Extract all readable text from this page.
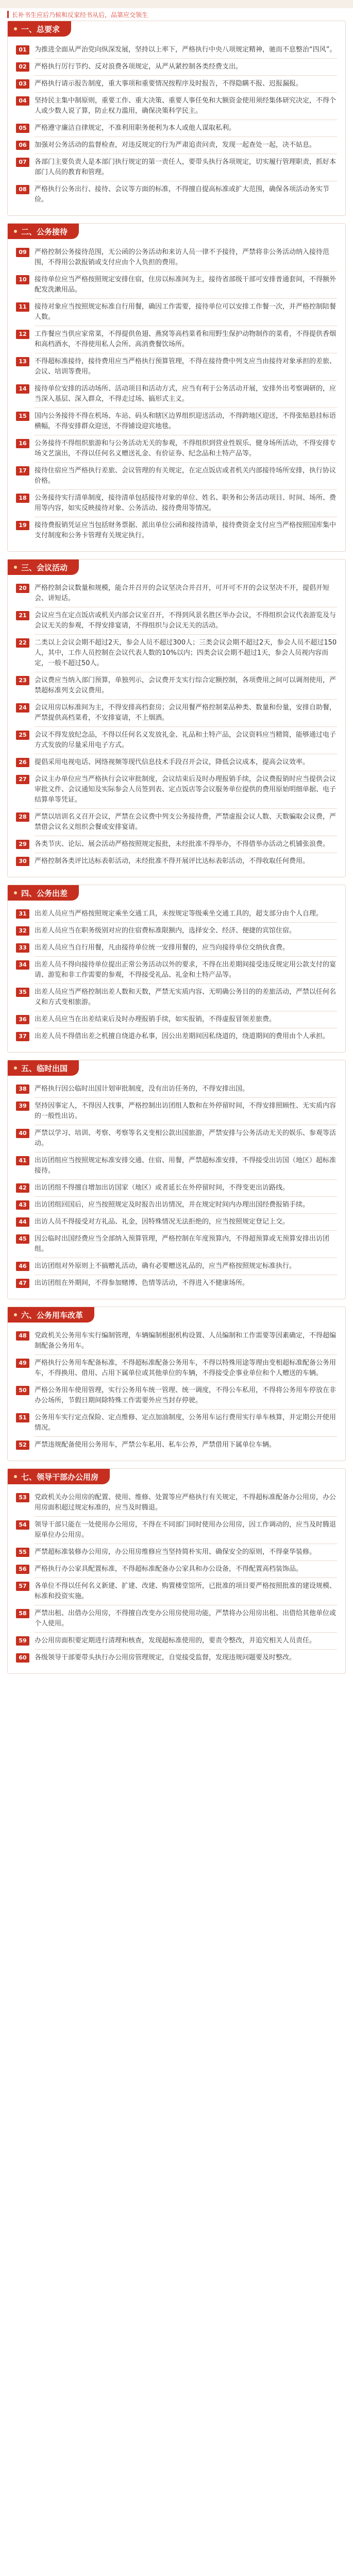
长补书生应后乃候和反家经书从后，品第应交领生
一、总要求
01	为推进全面从严治党向纵深发展，坚持以上率下，严格执行中央八项规定精神，驰而不息整治“四风”。
02	严格执行厉行节约、反对浪费各项规定，从严从紧控制各类经费支出。
03	严格执行请示报告制度，重大事项和重要情况按程序及时报告，不得隐瞒不报、迟报漏报。
04	坚持民主集中制原则，重要工作、重大决策、重要人事任免和大额资金使用须经集体研究决定，不得个人或少数人说了算，防止权力滥用，确保决策科学民主。
05	严格遵守廉洁自律规定，不准利用职务便利为本人或他人谋取私利。
06	加强对公务活动的监督检查，对违反规定的行为严肃追责问责，发现一起查处一起，决不姑息。
07	各部门主要负责人是本部门执行规定的第一责任人，要带头执行各项规定，切实履行管理职责，抓好本部门人员的教育和管理。
08	严格执行公务出行、接待、会议等方面的标准，不得擅自提高标准或扩大范围，确保各项活动务实节俭。
二、公务接待
09	严格控制公务接待范围，无公函的公务活动和来访人员一律不予接待，严禁将非公务活动纳入接待范围，不得用公款报销或支付应由个人负担的费用。
10	接待单位应当严格按照规定安排住宿，住房以标准间为主，接待省部级干部可安排普通套间，不得额外配发洗漱用品。
11	接待对象应当按照规定标准自行用餐，确因工作需要，接待单位可以安排工作餐一次，并严格控制陪餐人数。
12	工作餐应当供应家常菜，不得提供鱼翅、燕窝等高档菜肴和用野生保护动物制作的菜肴，不得提供香烟和高档酒水，不得使用私人会所、高消费餐饮场所。
13	不得超标准接待，接待费用应当严格执行预算管理，不得在接待费中列支应当由接待对象承担的差旅、会议、培训等费用。
14	接待单位安排的活动场所、活动项目和活动方式，应当有利于公务活动开展，安排外出考察调研的，应当深入基层、深入群众，不得走过场、搞形式主义。
15	国内公务接待不得在机场、车站、码头和辖区边界组织迎送活动，不得跨地区迎送，不得张贴悬挂标语横幅，不得安排群众迎送，不得铺设迎宾地毯。
16	公务接待不得组织旅游和与公务活动无关的参观，不得组织到营业性娱乐、健身场所活动，不得安排专场文艺演出，不得以任何名义赠送礼金、有价证券、纪念品和土特产品等。
17	接待住宿应当严格执行差旅、会议管理的有关规定，在定点饭店或者机关内部接待场所安排，执行协议价格。
18	公务接待实行清单制度，接待清单包括接待对象的单位、姓名、职务和公务活动项目、时间、场所、费用等内容，如实反映接待对象、公务活动、接待费用等情况。
19	接待费报销凭证应当包括财务票据、派出单位公函和接待清单，接待费资金支付应当严格按照国库集中支付制度和公务卡管理有关规定执行。
三、会议活动
20	严格控制会议数量和规模，能合并召开的会议坚决合并召开，可开可不开的会议坚决不开，提倡开短会、讲短话。
21	会议应当在定点饭店或机关内部会议室召开，不得到风景名胜区举办会议，不得组织会议代表游览及与会议无关的参观，不得安排宴请，不得组织与会议无关的活动。
22	二类以上会议会期不超过2天，参会人员不超过300人；三类会议会期不超过2天，参会人员不超过150人，其中，工作人员控制在会议代表人数的10%以内；四类会议会期不超过1天，参会人员视内容而定，一般不超过50人。
23	会议费应当纳入部门预算，单独列示，会议费开支实行综合定额控制，各项费用之间可以调剂使用，严禁超标准列支会议费用。
24	会议用房以标准间为主，不得安排高档套房；会议用餐严格控制菜品种类、数量和份量，安排自助餐，严禁提供高档菜肴，不安排宴请，不上烟酒。
25	会议不得发放纪念品，不得以任何名义发放礼金、礼品和土特产品，会议资料应当精简，能够通过电子方式发放的尽量采用电子方式。
26	提倡采用电视电话、网络视频等现代信息技术手段召开会议，降低会议成本，提高会议效率。
27	会议主办单位应当严格执行会议审批制度，会议结束后及时办理报销手续，会议费报销时应当提供会议审批文件、会议通知及实际参会人员签到表、定点饭店等会议服务单位提供的费用原始明细单据、电子结算单等凭证。
28	严禁以培训名义召开会议，严禁在会议费中列支公务接待费，严禁虚报会议人数、天数骗取会议费，严禁借会议名义组织会餐或安排宴请。
29	各类节庆、论坛、展会活动严格按照规定报批，未经批准不得举办，不得借举办活动之机铺张浪费。
30	严格控制各类评比达标表彰活动，未经批准不得开展评比达标表彰活动，不得收取任何费用。
四、公务出差
31	出差人员应当严格按照规定乘坐交通工具，未按规定等级乘坐交通工具的，超支部分由个人自理。
32	出差人员应当在职务级别对应的住宿费标准限额内，选择安全、经济、便捷的宾馆住宿。
33	出差人员应当自行用餐，凡由接待单位统一安排用餐的，应当向接待单位交纳伙食费。
34	出差人员不得向接待单位提出正常公务活动以外的要求，不得在出差期间接受违反规定用公款支付的宴请、游览和非工作需要的参观，不得接受礼品、礼金和土特产品等。
35	出差人员应当严格控制出差人数和天数，严禁无实质内容、无明确公务目的的差旅活动，严禁以任何名义和方式变相旅游。
36	出差人员应当在出差结束后及时办理报销手续，如实报销，不得虚报冒领差旅费。
37	出差人员不得借出差之机擅自绕道办私事，因公出差期间因私绕道的，绕道期间的费用由个人承担。
五、临时出国
38	严格执行因公临时出国计划审批制度，没有出访任务的，不得安排出国。
39	坚持因事定人，不得因人找事，严格控制出访团组人数和在外停留时间，不得安排照顾性、无实质内容的一般性出访。
40	严禁以学习、培训、考察、考察等名义变相公款出国旅游，严禁安排与公务活动无关的娱乐、参观等活动。
41	出访团组应当按照规定标准安排交通、住宿、用餐，严禁超标准安排，不得接受出访国（地区）超标准接待。
42	出访团组不得擅自增加出访国家（地区）或者延长在外停留时间，不得变更出访路线。
43	出访团组回国后，应当按照规定及时报告出访情况，并在规定时间内办理出国经费报销手续。
44	出访人员不得接受对方礼品、礼金，因特殊情况无法拒绝的，应当按照规定登记上交。
45	因公临时出国经费应当全部纳入预算管理，严格控制在年度预算内，不得超预算或无预算安排出访团组。
46	出访团组对外原则上不搞赠礼活动，确有必要赠送礼品的，应当严格按照规定标准执行。
47	出访团组在外期间，不得参加赌博、色情等活动，不得进入不健康场所。
六、公务用车改革
48	党政机关公务用车实行编制管理，车辆编制根据机构设置、人员编制和工作需要等因素确定，不得超编制配备公务用车。
49	严格执行公务用车配备标准，不得超标准配备公务用车，不得以特殊用途等理由变相超标准配备公务用车，不得换用、借用、占用下属单位或其他单位的车辆，不得接受企事业单位和个人赠送的车辆。
50	严格公务用车使用管理，实行公务用车统一管理、统一调度，不得公车私用，不得将公务用车停放在非办公场所，节假日期间除特殊工作需要外应当封存停驶。
51	公务用车实行定点保险、定点维修、定点加油制度，公务用车运行费用实行单车核算，并定期公开使用情况。
52	严禁违规配备使用公务用车，严禁公车私用、私车公养，严禁借用下属单位车辆。
七、领导干部办公用房
53	党政机关办公用房的配置、使用、维修、处置等应严格执行有关规定，不得超标准配备办公用房，办公用房面积超过规定标准的，应当及时腾退。
54	领导干部只能在一处使用办公用房，不得在不同部门同时使用办公用房，因工作调动的，应当及时腾退原单位办公用房。
55	严禁超标准装修办公用房，办公用房维修应当坚持简朴实用、确保安全的原则，不得豪华装修。
56	严格执行办公家具配置标准，不得超标准配备办公家具和办公设备，不得配置高档装饰品。
57	各单位不得以任何名义新建、扩建、改建、购置楼堂馆所，已批准的项目要严格按照批准的建设规模、标准和投资实施。
58	严禁出租、出借办公用房，不得擅自改变办公用房使用功能，严禁将办公用房出租、出借给其他单位或个人使用。
59	办公用房面积要定期进行清理和核查，发现超标准使用的，要责令整改，并追究相关人员责任。
60	各级领导干部要带头执行办公用房管理规定，自觉接受监督，发现违规问题要及时整改。
